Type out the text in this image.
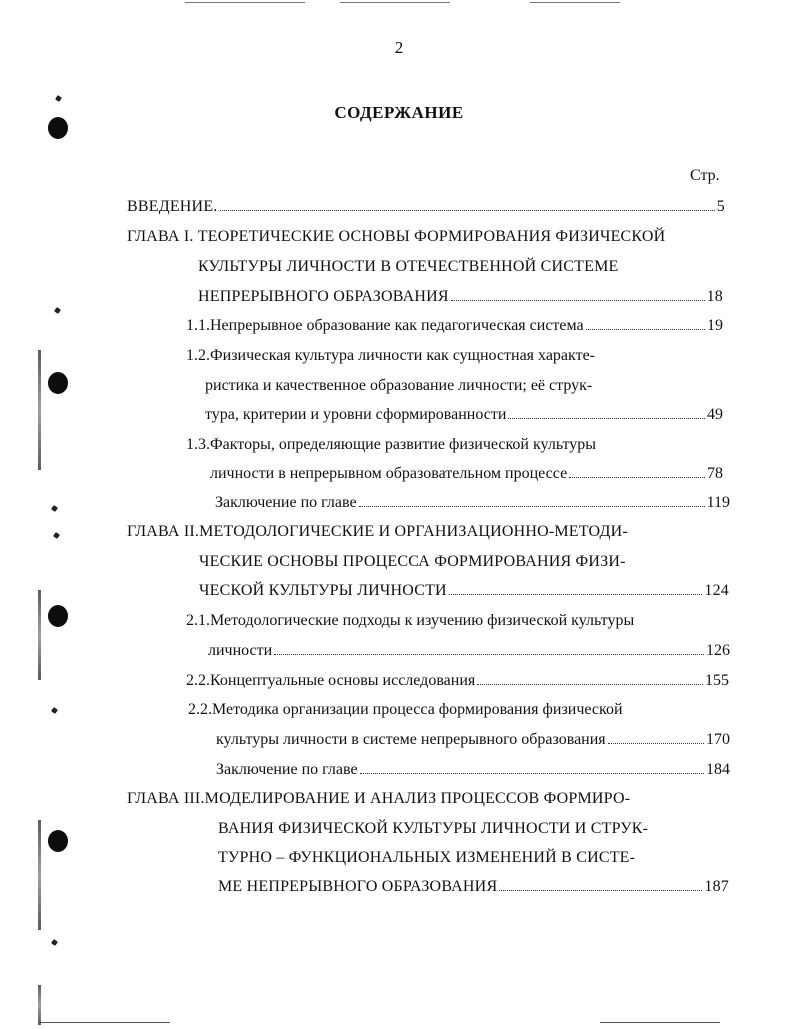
2
СОДЕРЖАНИЕ
Стр.
ВВЕДЕНИЕ.	5
ГЛАВА I. ТЕОРЕТИЧЕСКИЕ ОСНОВЫ ФОРМИРОВАНИЯ ФИЗИЧЕСКОЙ
КУЛЬТУРЫ ЛИЧНОСТИ В ОТЕЧЕСТВЕННОЙ СИСТЕМЕ
НЕПРЕРЫВНОГО ОБРАЗОВАНИЯ	18
1.1.Непрерывное образование как педагогическая система	19
1.2.Физическая культура личности как сущностная характе-
ристика и качественное образование личности; её струк-
тура, критерии и уровни сформированности	49
1.3.Факторы, определяющие развитие физической культуры
личности в непрерывном образовательном процессе	78
Заключение по главе	119
ГЛАВА II.МЕТОДОЛОГИЧЕСКИЕ И ОРГАНИЗАЦИОННО-МЕТОДИ-
ЧЕСКИЕ ОСНОВЫ ПРОЦЕССА ФОРМИРОВАНИЯ ФИЗИ-
ЧЕСКОЙ КУЛЬТУРЫ ЛИЧНОСТИ	124
2.1.Методологические подходы к изучению физической культуры
личности	126
2.2.Концептуальные основы исследования	155
2.2.Методика организации процесса формирования физической
культуры личности в системе непрерывного образования	170
Заключение по главе	184
ГЛАВА III.МОДЕЛИРОВАНИЕ И АНАЛИЗ ПРОЦЕССОВ ФОРМИРО-
ВАНИЯ ФИЗИЧЕСКОЙ КУЛЬТУРЫ ЛИЧНОСТИ И СТРУК-
ТУРНО – ФУНКЦИОНАЛЬНЫХ ИЗМЕНЕНИЙ В СИСТЕ-
МЕ НЕПРЕРЫВНОГО ОБРАЗОВАНИЯ	187
